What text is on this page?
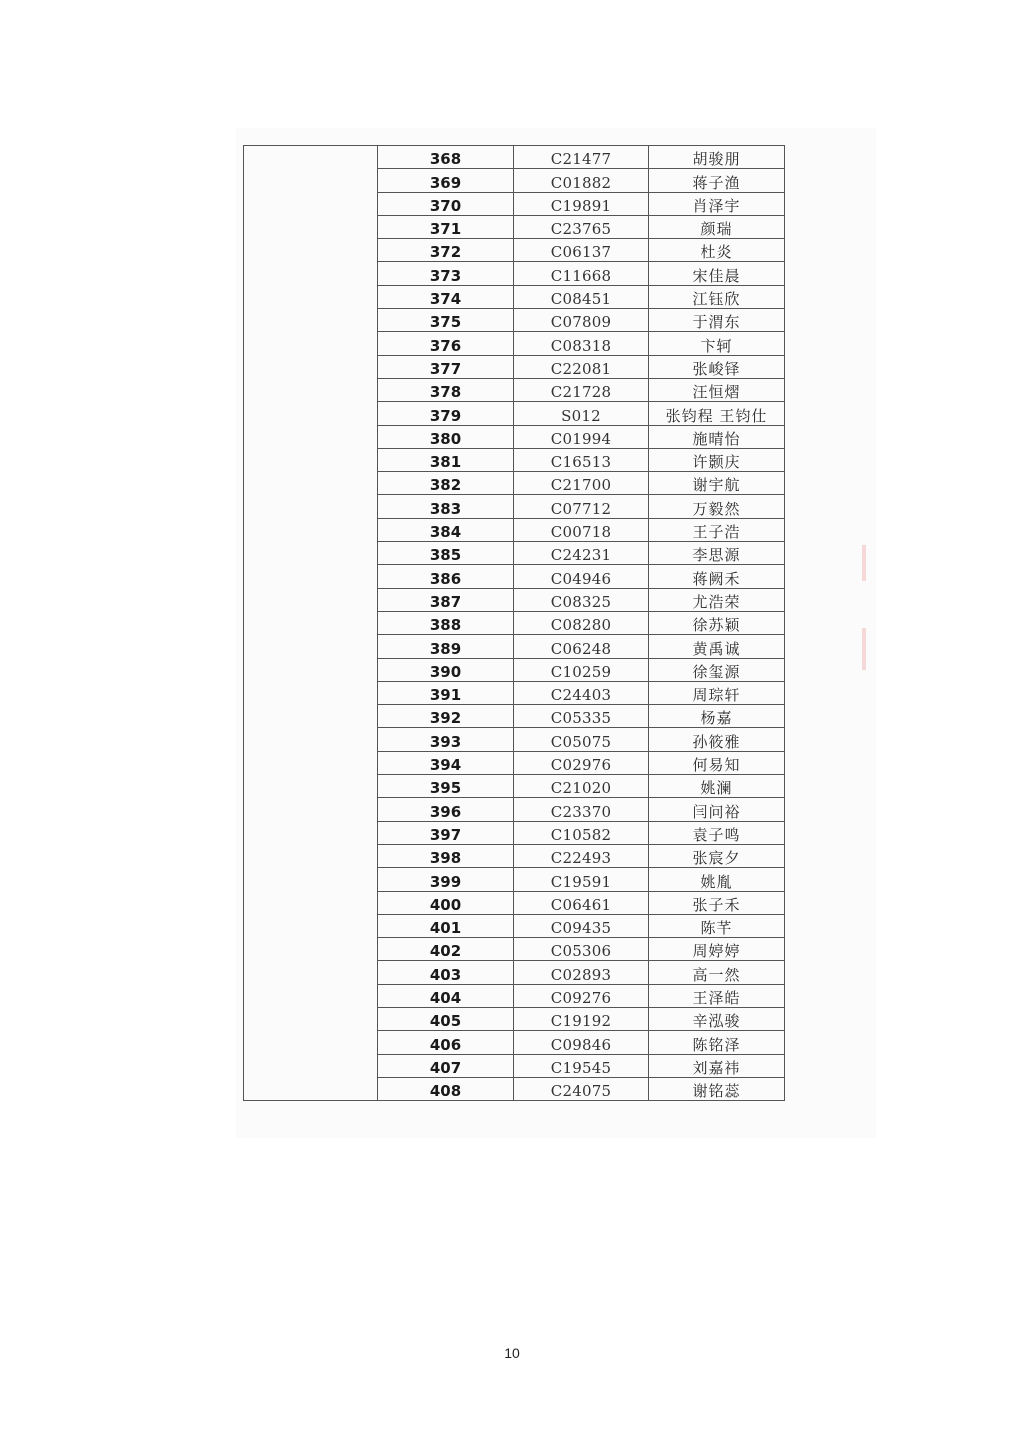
	368	C21477	胡骏朋
	369	C01882	蒋子渔
	370	C19891	肖泽宇
	371	C23765	颜瑞
	372	C06137	杜炎
	373	C11668	宋佳晨
	374	C08451	江钰欣
	375	C07809	于渭东
	376	C08318	卞轲
	377	C22081	张峻铎
	378	C21728	汪恒熠
	379	S012	张钧程 王钧仕
	380	C01994	施晴怡
	381	C16513	许颢庆
	382	C21700	谢宇航
	383	C07712	万毅然
	384	C00718	王子浩
	385	C24231	李思源
	386	C04946	蒋阙禾
	387	C08325	尤浩荣
	388	C08280	徐苏颖
	389	C06248	黄禹诚
	390	C10259	徐玺源
	391	C24403	周琮轩
	392	C05335	杨嘉
	393	C05075	孙筱雅
	394	C02976	何易知
	395	C21020	姚澜
	396	C23370	闫问裕
	397	C10582	袁子鸣
	398	C22493	张宸夕
	399	C19591	姚胤
	400	C06461	张子禾
	401	C09435	陈芊
	402	C05306	周婷婷
	403	C02893	高一然
	404	C09276	王泽皓
	405	C19192	辛泓骏
	406	C09846	陈铭泽
	407	C19545	刘嘉祎
	408	C24075	谢铭蕊
10
